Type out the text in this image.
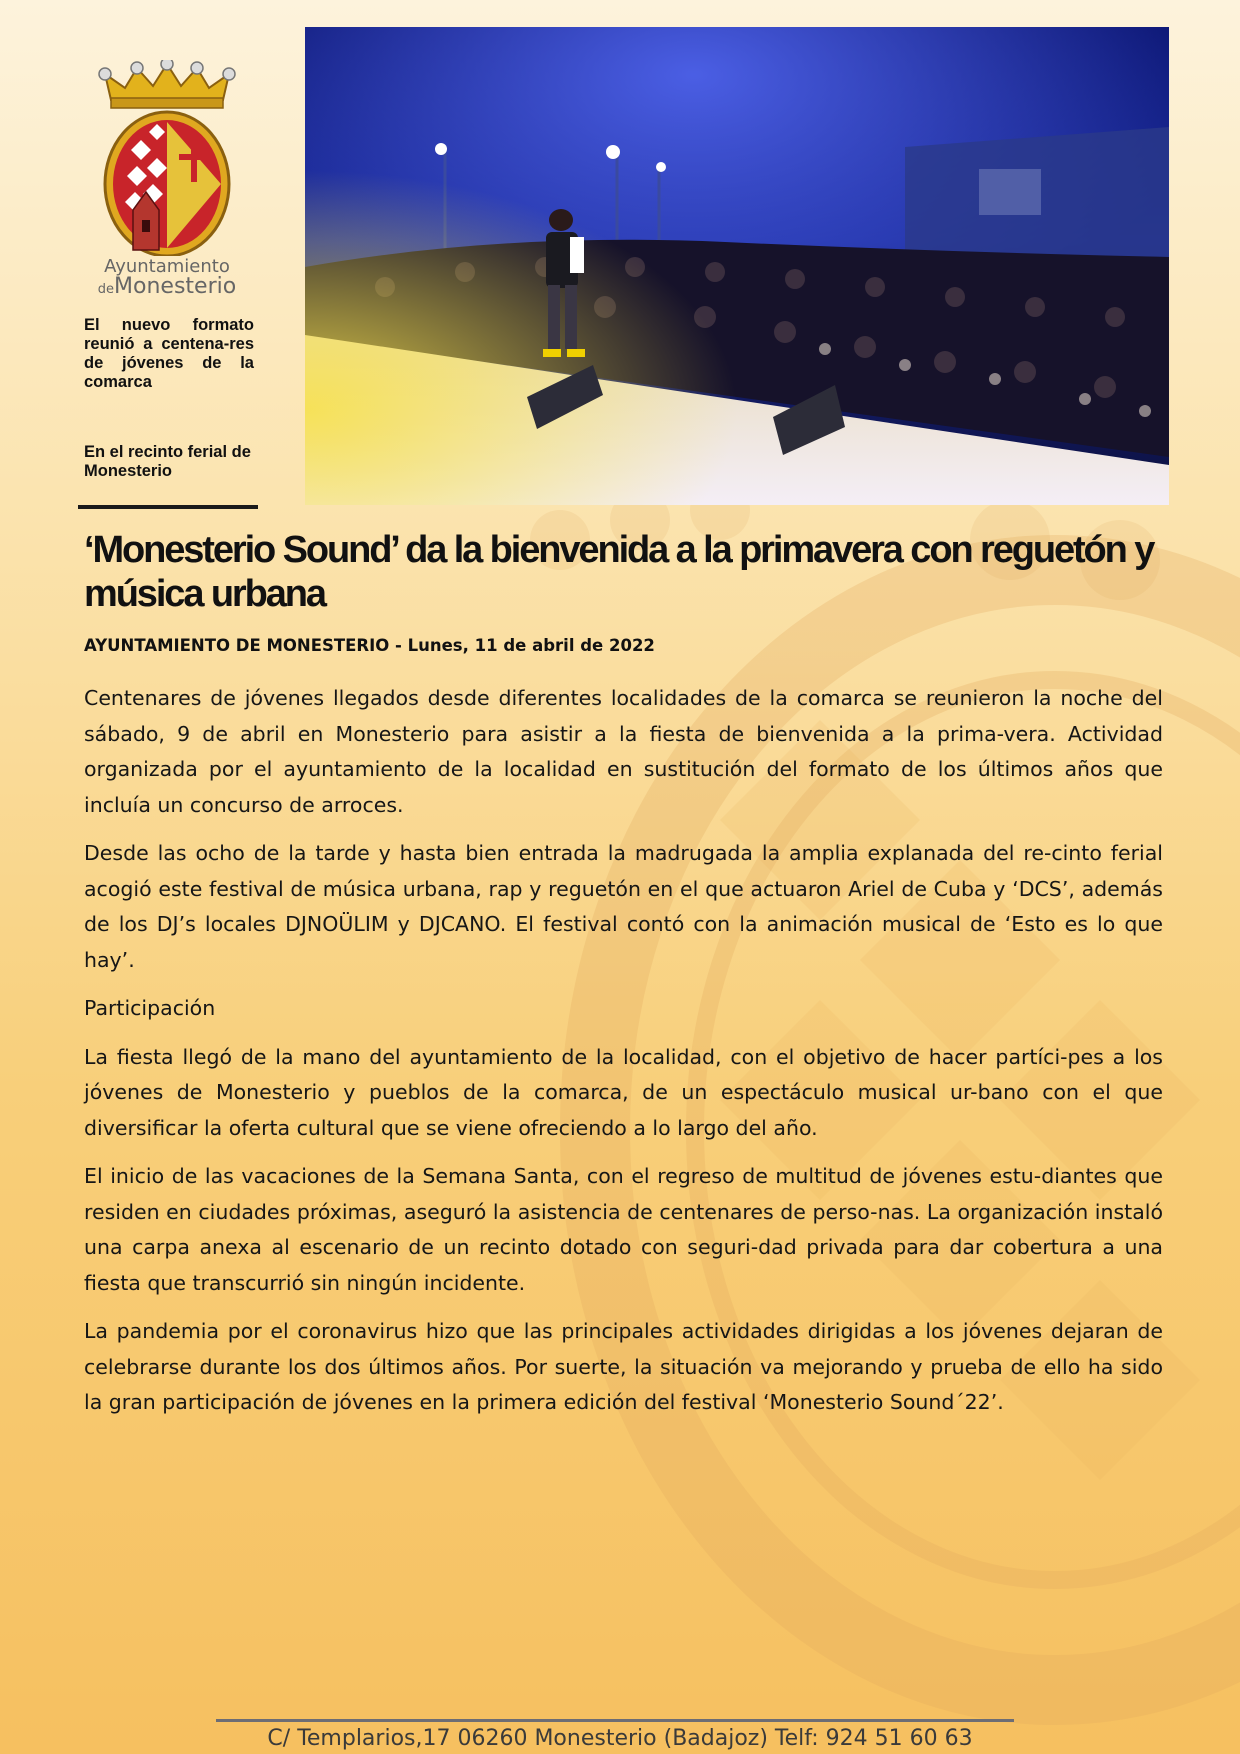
Ayuntamiento
deMonesterio
El nuevo formato reunió a centena-res de jóvenes de la comarca
En el recinto ferial de Monesterio
‘Monesterio Sound’ da la bienvenida a la primavera con reguetón y música urbana
AYUNTAMIENTO DE MONESTERIO - Lunes, 11 de abril de 2022

Centenares de jóvenes llegados desde diferentes localidades de la comarca se reunieron la noche del sábado, 9 de abril en Monesterio para asistir a la fiesta de bienvenida a la prima-vera. Actividad organizada por el ayuntamiento de la localidad en sustitución del formato de los últimos años que incluía un concurso de arroces.

Desde las ocho de la tarde y hasta bien entrada la madrugada la amplia explanada del re-cinto ferial acogió este festival de música urbana, rap y reguetón en el que actuaron Ariel de Cuba y ‘DCS’, además de los DJ’s locales DJNOÜLIM y DJCANO. El festival contó con la animación musical de ‘Esto es lo que hay’.

Participación

La fiesta llegó de la mano del ayuntamiento de la localidad, con el objetivo de hacer partíci-pes a los jóvenes de Monesterio y pueblos de la comarca, de un espectáculo musical ur-bano con el que diversificar la oferta cultural que se viene ofreciendo a lo largo del año.

El inicio de las vacaciones de la Semana Santa, con el regreso de multitud de jóvenes estu-diantes que residen en ciudades próximas, aseguró la asistencia de centenares de perso-nas. La organización instaló una carpa anexa al escenario de un recinto dotado con seguri-dad privada para dar cobertura a una fiesta que transcurrió sin ningún incidente.

La pandemia por el coronavirus hizo que las principales actividades dirigidas a los jóvenes dejaran de celebrarse durante los dos últimos años. Por suerte, la situación va mejorando y prueba de ello ha sido la gran participación de jóvenes en la primera edición del festival ‘Monesterio Sound´22’.

C/ Templarios,17 06260 Monesterio (Badajoz) Telf: 924 51 60 63
